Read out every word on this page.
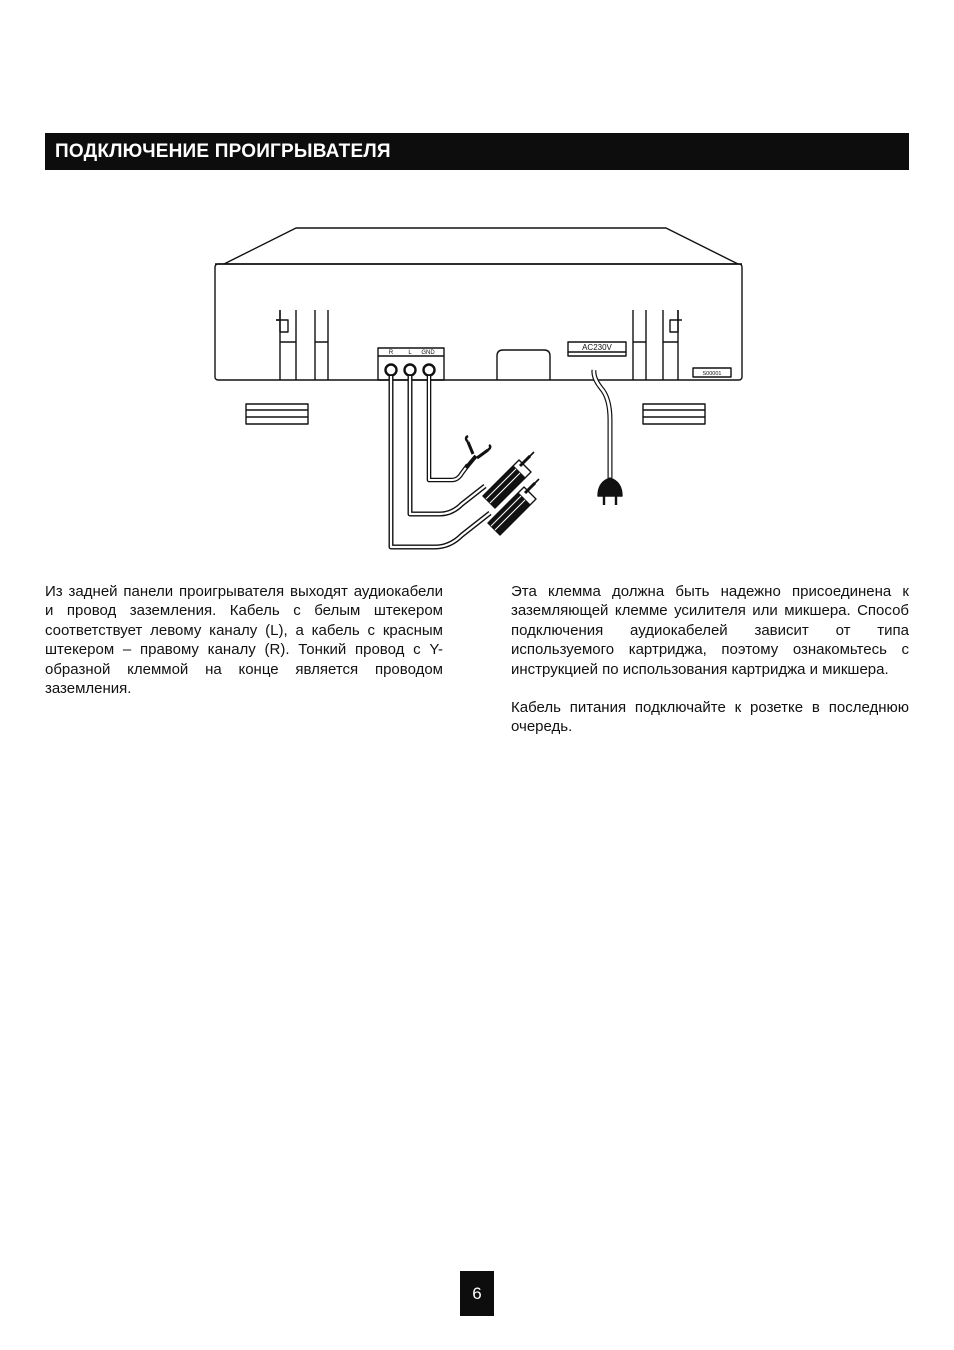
ПОДКЛЮЧЕНИЕ ПРОИГРЫВАТЕЛЯ
R	L GND
AC230V
S00001

Из задней панели проигрывателя выходят аудиокабели и провод заземления. Кабель с белым штекером соответствует левому каналу (L), а кабель с красным штекером – правому каналу (R). Тонкий провод с Y-образной клеммой на конце является проводом заземления.

Эта клемма должна быть надежно присоединена к заземляющей клемме усилителя или микшера. Способ подключения аудиокабелей зависит от типа используемого картриджа, поэтому ознакомьтесь с инструкцией по использования картриджа и микшера.

Кабель питания подключайте к розетке в последнюю очередь.

6
